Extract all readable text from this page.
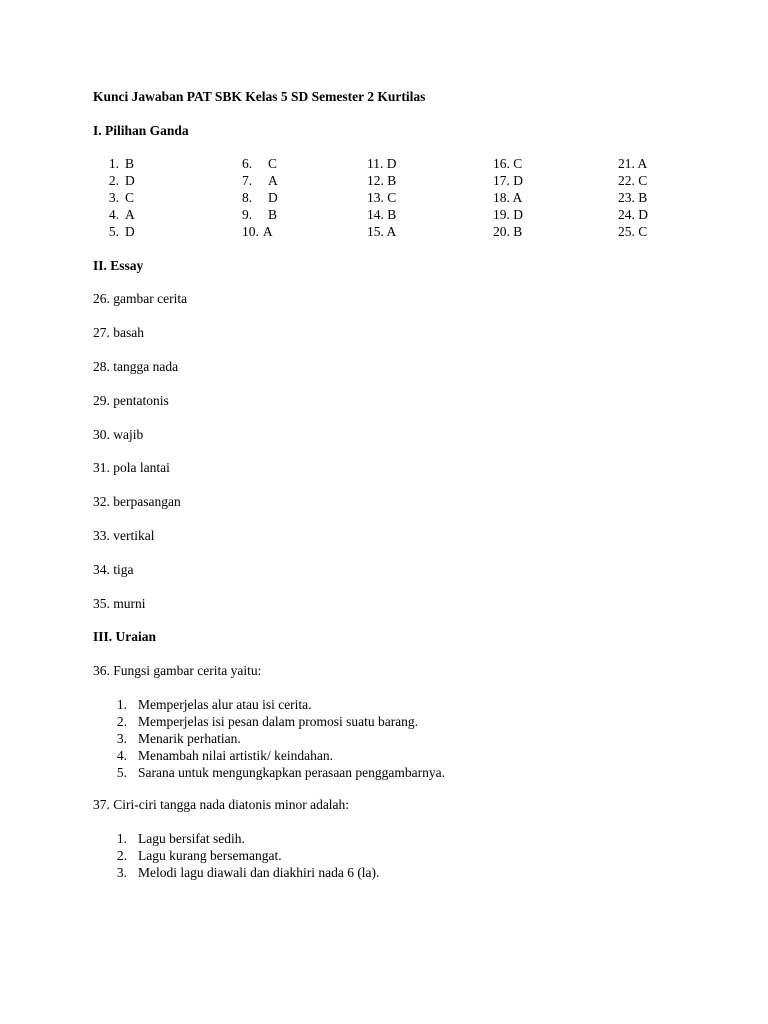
Kunci Jawaban PAT SBK Kelas 5 SD Semester 2 Kurtilas
I. Pilihan Ganda
1. B
2. D
3. C
4. A
5. D
6. C
7. A
8. D
9. B
10. A
11. D
12. B
13. C
14. B
15. A
16. C
17. D
18. A
19. D
20. B
21. A
22. C
23. B
24. D
25. C
II. Essay
26. gambar cerita
27. basah
28. tangga nada
29. pentatonis
30. wajib
31. pola lantai
32. berpasangan
33. vertikal
34. tiga
35. murni
III. Uraian
36. Fungsi gambar cerita yaitu:
1. Memperjelas alur atau isi cerita.
2. Memperjelas isi pesan dalam promosi suatu barang.
3. Menarik perhatian.
4. Menambah nilai artistik/ keindahan.
5. Sarana untuk mengungkapkan perasaan penggambarnya.
37. Ciri-ciri tangga nada diatonis minor adalah:
1. Lagu bersifat sedih.
2. Lagu kurang bersemangat.
3. Melodi lagu diawali dan diakhiri nada 6 (la).
